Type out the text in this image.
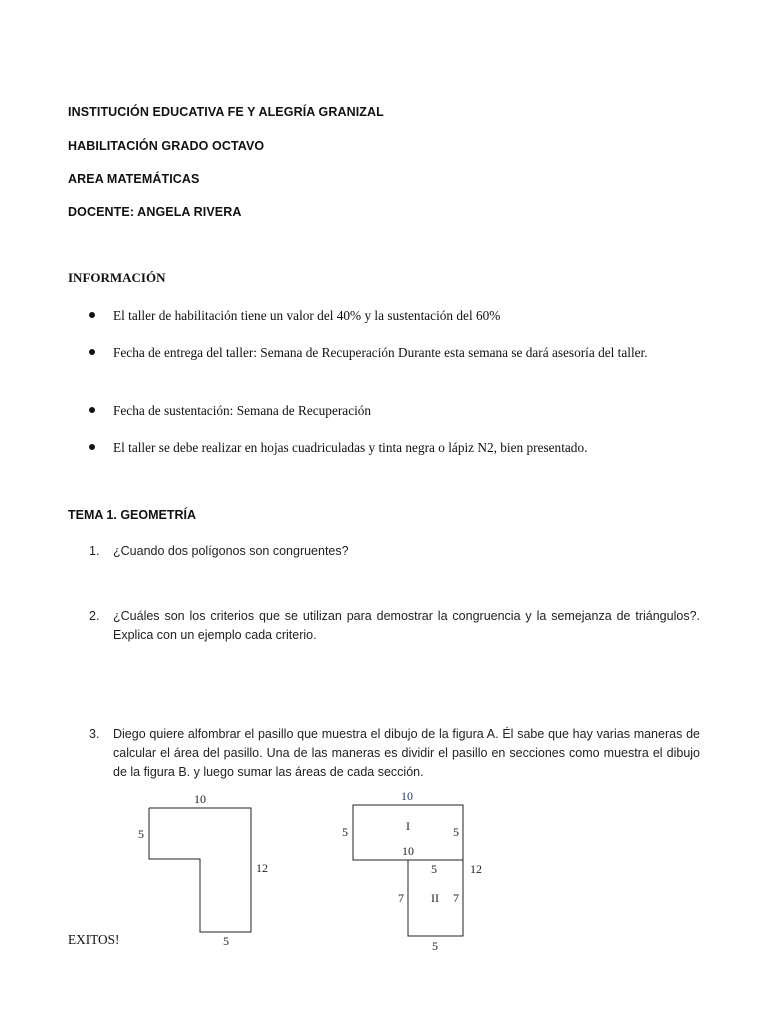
INSTITUCIÓN EDUCATIVA FE Y ALEGRÍA GRANIZAL
HABILITACIÓN GRADO OCTAVO
AREA MATEMÁTICAS
DOCENTE: ANGELA RIVERA
INFORMACIÓN
El taller de habilitación tiene un valor del 40% y la sustentación del 60%
Fecha de entrega del taller: Semana de Recuperación Durante esta semana se dará asesoría del taller.
Fecha de sustentación: Semana de Recuperación
El taller se debe realizar en hojas cuadriculadas y tinta negra o lápiz N2, bien presentado.
TEMA 1. GEOMETRÍA
1. ¿Cuando dos polígonos son congruentes?
2. ¿Cuáles son los criterios que se utilizan para demostrar la congruencia y la semejanza de triángulos?. Explica con un ejemplo cada criterio.
3. Diego quiere alfombrar el pasillo que muestra el dibujo de la figura A. Él sabe que hay varias maneras de calcular el área del pasillo. Una de las maneras es dividir el pasillo en secciones como muestra el dibujo de la figura B. y luego sumar las áreas de cada sección.
10
5
12
5
10
5	I	5
10
5	12
7 II 7
5
EXITOS!
